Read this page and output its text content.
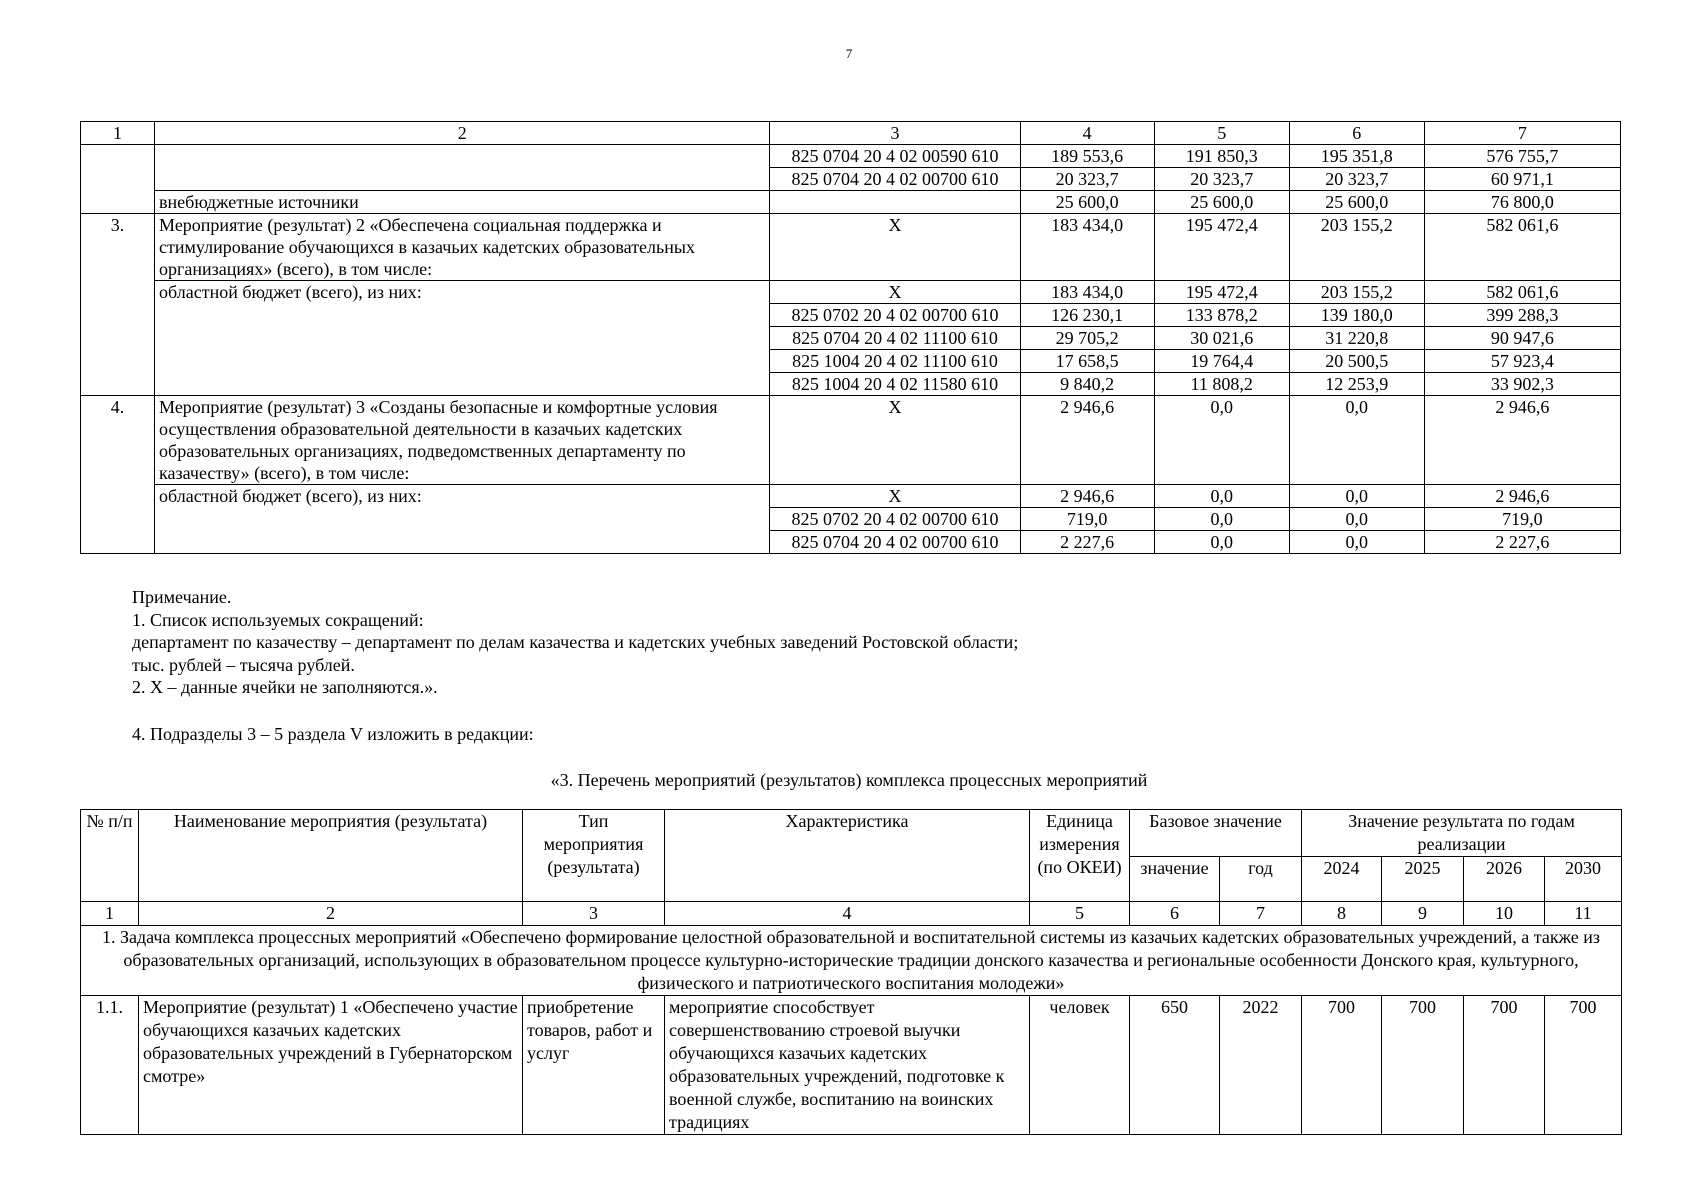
7
1	2	3	4	5	6	7
		825 0704 20 4 02 00590 610	189 553,6	191 850,3	195 351,8	576 755,7
		825 0704 20 4 02 00700 610	20 323,7	20 323,7	20 323,7	60 971,1
	внебюджетные источники		25 600,0	25 600,0	25 600,0	76 800,0
3.	Мероприятие (результат) 2 «Обеспечена социальная поддержка и стимулирование обучающихся в казачьих кадетских образовательных организациях» (всего), в том числе:	X	183 434,0	195 472,4	203 155,2	582 061,6
	областной бюджет (всего), из них:	X	183 434,0	195 472,4	203 155,2	582 061,6
		825 0702 20 4 02 00700 610	126 230,1	133 878,2	139 180,0	399 288,3
		825 0704 20 4 02 11100 610	29 705,2	30 021,6	31 220,8	90 947,6
		825 1004 20 4 02 11100 610	17 658,5	19 764,4	20 500,5	57 923,4
		825 1004 20 4 02 11580 610	9 840,2	11 808,2	12 253,9	33 902,3
4.	Мероприятие (результат) 3 «Созданы безопасные и комфортные условия осуществления образовательной деятельности в казачьих кадетских образовательных организациях, подведомственных департаменту по казачеству» (всего), в том числе:	X	2 946,6	0,0	0,0	2 946,6
	областной бюджет (всего), из них:	X	2 946,6	0,0	0,0	2 946,6
		825 0702 20 4 02 00700 610	719,0	0,0	0,0	719,0
		825 0704 20 4 02 00700 610	2 227,6	0,0	0,0	2 227,6
Примечание.
1. Список используемых сокращений:
департамент по казачеству – департамент по делам казачества и кадетских учебных заведений Ростовской области;
тыс. рублей – тысяча рублей.
2. X – данные ячейки не заполняются.».
4. Подразделы 3 – 5 раздела V изложить в редакции:
«3. Перечень мероприятий (результатов) комплекса процессных мероприятий
№ п/п	Наименование мероприятия (результата)	Тип мероприятия (результата)	Характеристика	Единица измерения (по ОКЕИ)	Базовое значение		Значение результата по годам реализации			
					значение	год	2024	2025	2026	2030
1	2	3	4	5	6	7	8	9	10	11
1. Задача комплекса процессных мероприятий «Обеспечено формирование целостной образовательной и воспитательной системы из казачьих кадетских образовательных учреждений, а также из образовательных организаций, использующих в образовательном процессе культурно-исторические традиции донского казачества и региональные особенности Донского края, культурного, физического и патриотического воспитания молодежи»										
1.1.	Мероприятие (результат) 1 «Обеспечено участие обучающихся казачьих кадетских образовательных учреждений в Губернаторском смотре»	приобретение товаров, работ и услуг	мероприятие способствует совершенствованию строевой выучки обучающихся казачьих кадетских образовательных учреждений, подготовке к военной службе, воспитанию на воинских традициях	человек	650	2022	700	700	700	700
